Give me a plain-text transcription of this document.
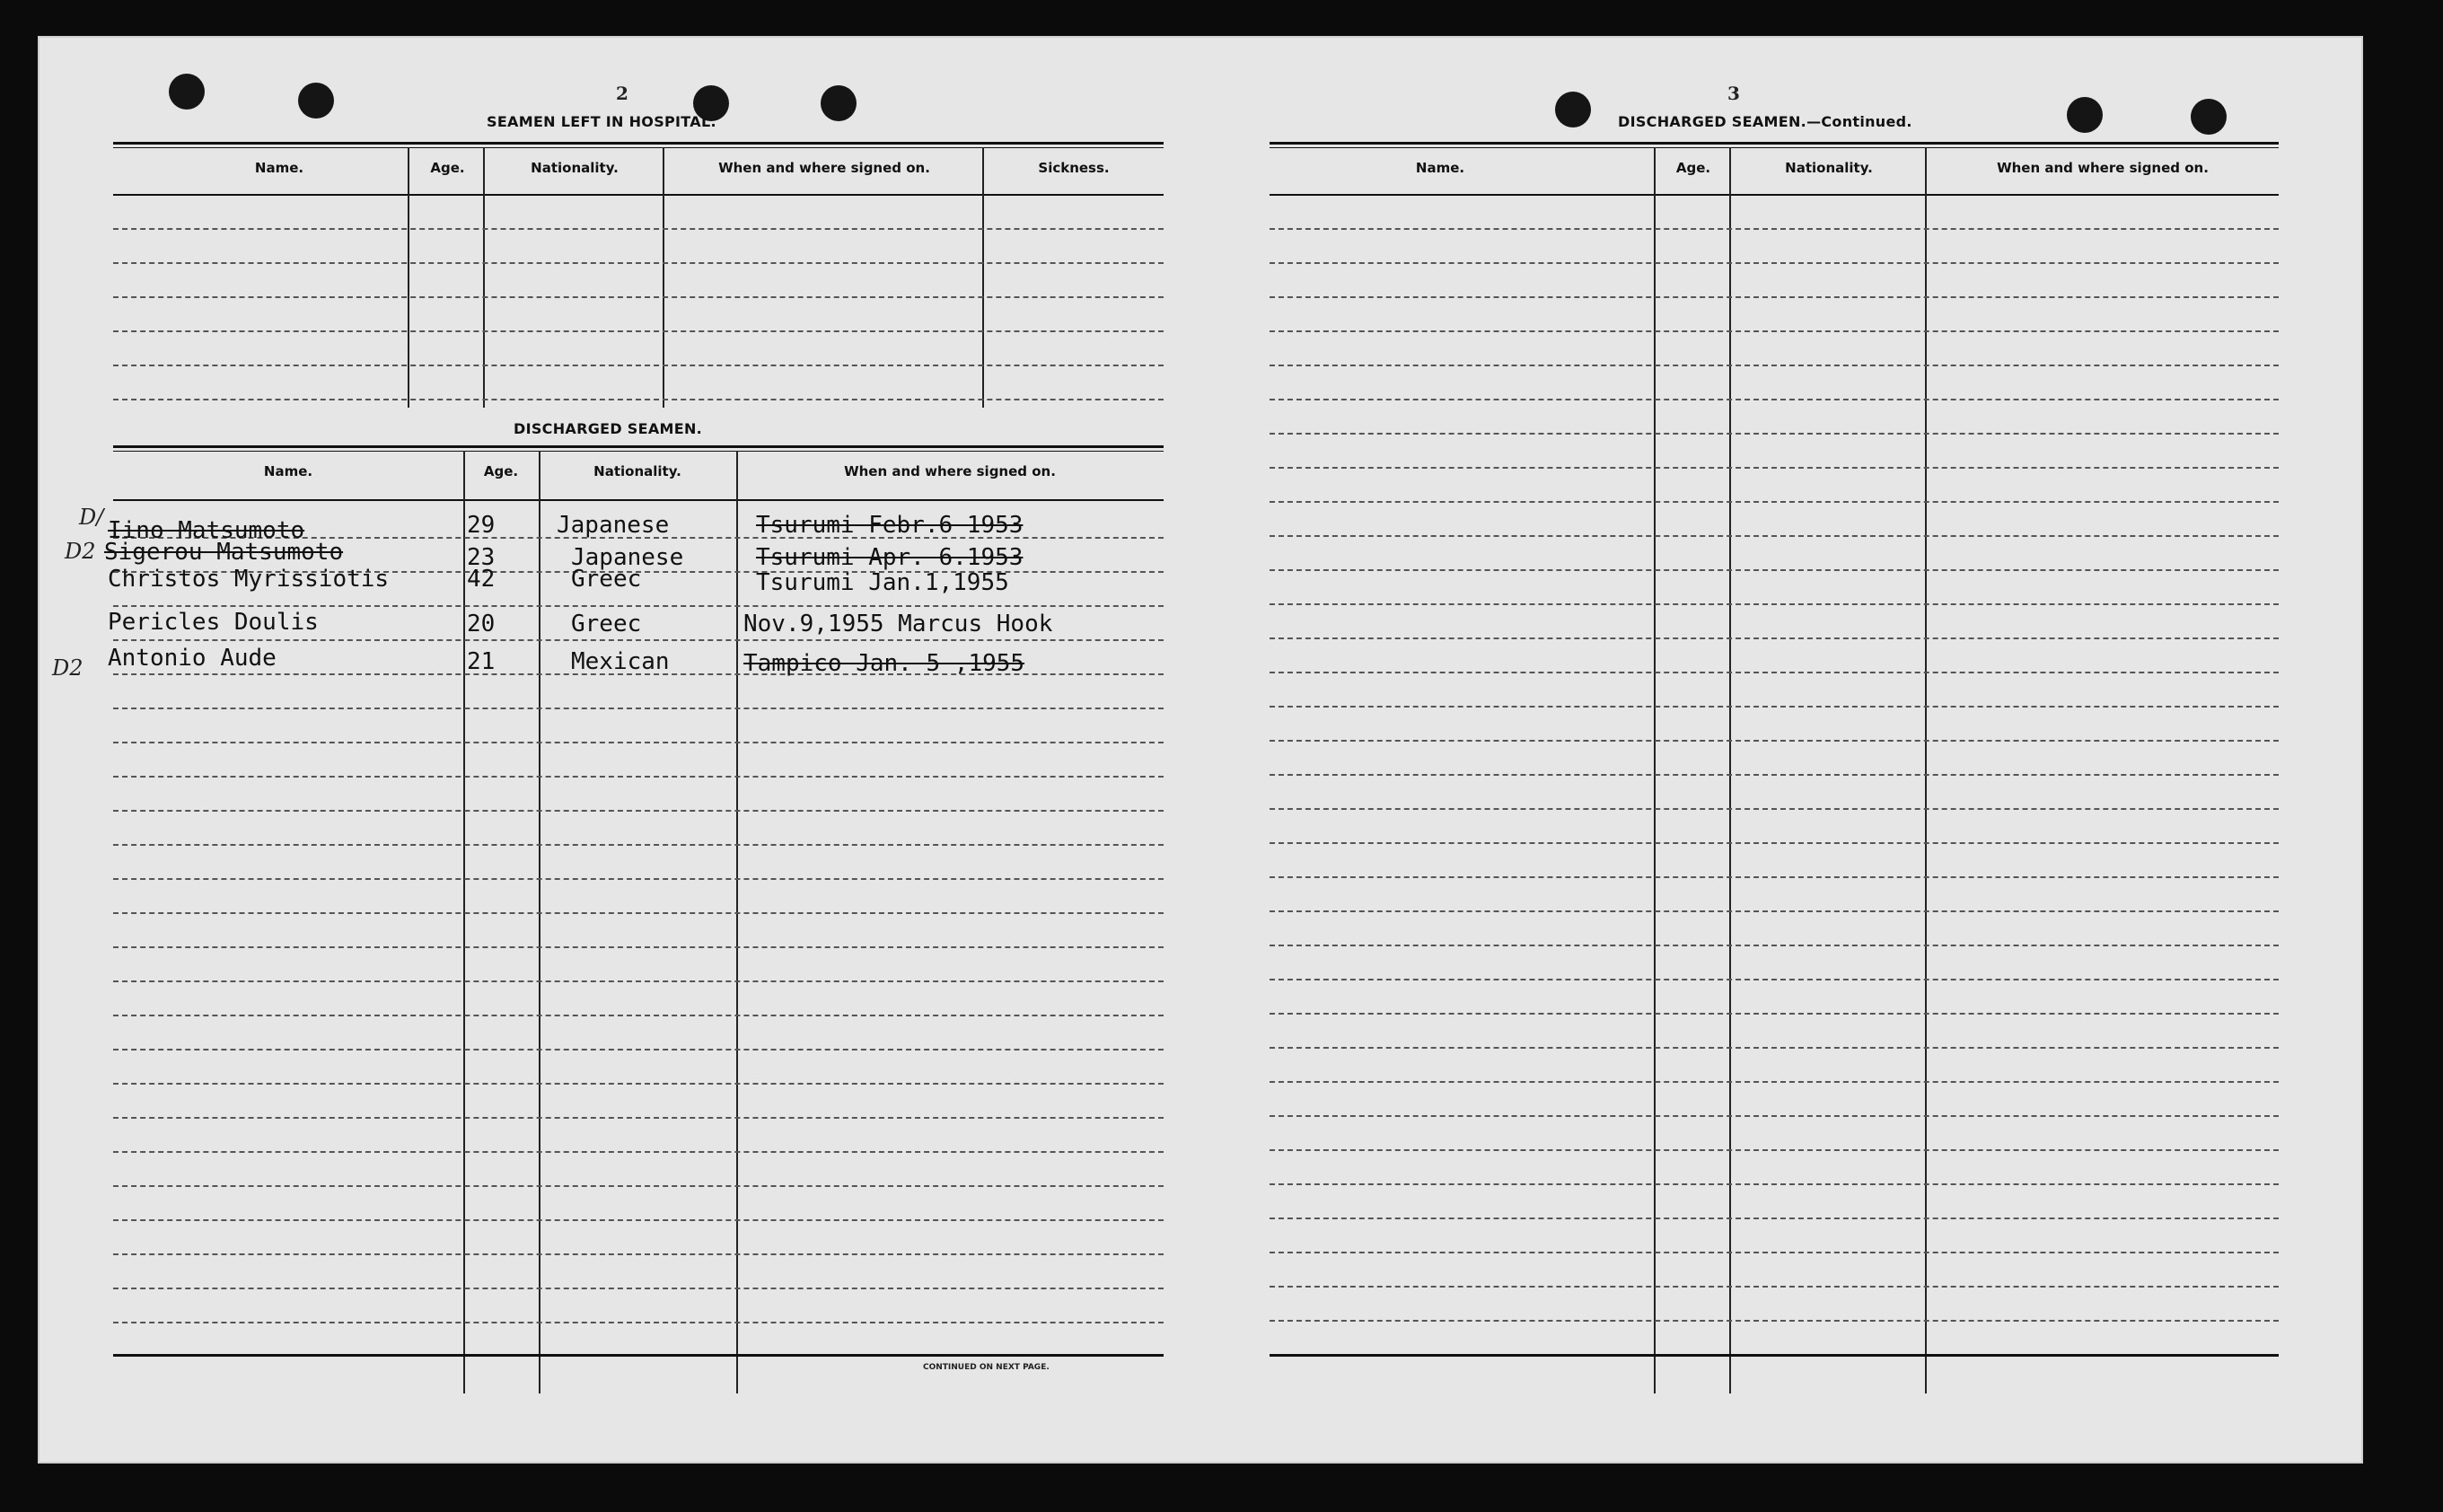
2
SEAMEN LEFT IN HOSPITAL.
Name.	Age.	Nationality.	When and where signed on.	Sickness.
DISCHARGED SEAMEN.
Name.	Age.	Nationality.	When and where signed on.
CONTINUED ON NEXT PAGE.
D/ Iino Matsumoto	29	Japanese	Tsurumi Febr.6 1953
D2 Sigerou Matsumoto	23	Japanese	Tsurumi Apr. 6.1953
Christos Myrissiotis	42	Greec	Tsurumi Jan.1,1955
Pericles Doulis	20	Greec	Nov.9,1955 Marcus Hook
D2 Antonio Aude	21	Mexican	Tampico Jan. 5 ,1955
3
DISCHARGED SEAMEN.—Continued.
Name.	Age.	Nationality.	When and where signed on.
